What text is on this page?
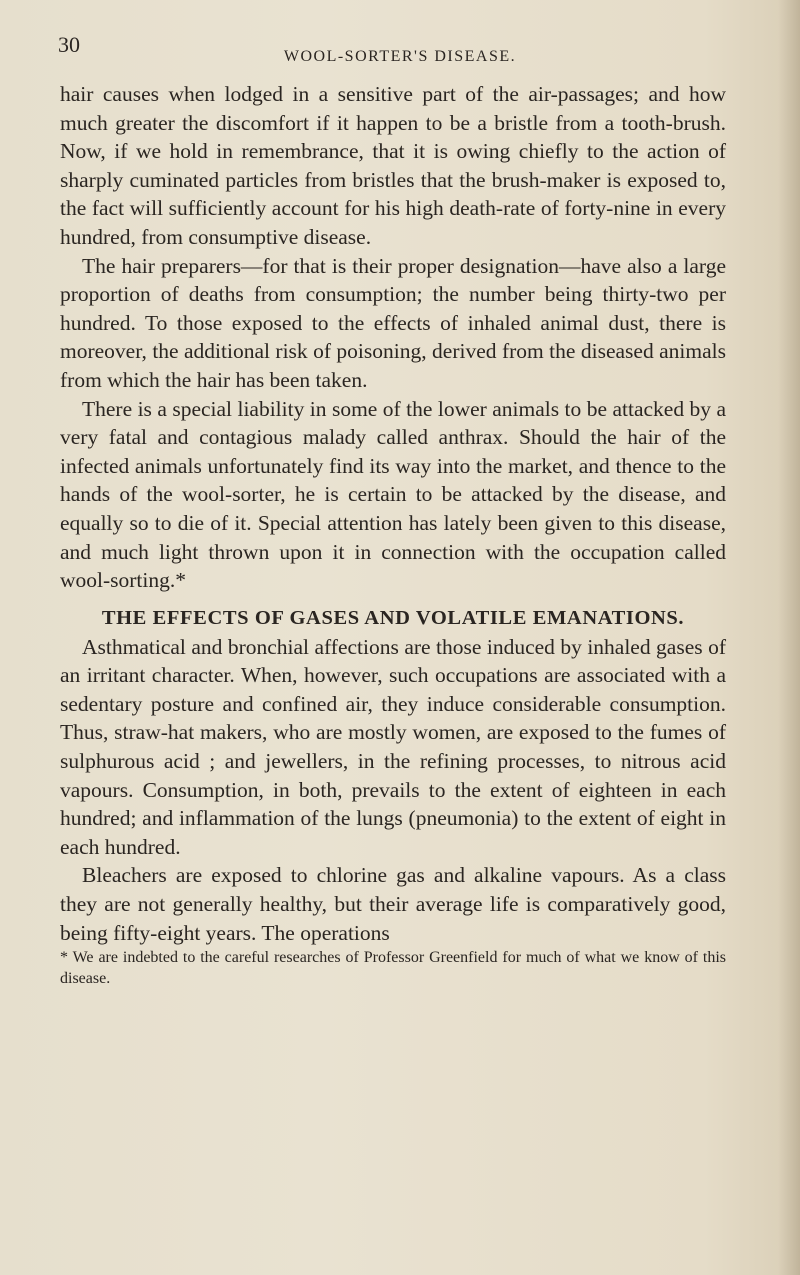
30	WOOL-SORTER'S DISEASE.

hair causes when lodged in a sensitive part of the air-passages; and how much greater the discomfort if it happen to be a bristle from a tooth-brush. Now, if we hold in remembrance, that it is owing chiefly to the action of sharply cuminated particles from bristles that the brush-maker is exposed to, the fact will sufficiently account for his high death-rate of forty-nine in every hundred, from consumptive disease.

The hair preparers—for that is their proper designation—have also a large proportion of deaths from consumption; the number being thirty-two per hundred. To those exposed to the effects of inhaled animal dust, there is moreover, the additional risk of poisoning, derived from the diseased animals from which the hair has been taken.

There is a special liability in some of the lower animals to be attacked by a very fatal and contagious malady called anthrax. Should the hair of the infected animals unfortunately find its way into the market, and thence to the hands of the wool-sorter, he is certain to be attacked by the disease, and equally so to die of it. Special attention has lately been given to this disease, and much light thrown upon it in connection with the occupation called wool-sorting.*

THE EFFECTS OF GASES AND VOLATILE EMANATIONS.

Asthmatical and bronchial affections are those induced by inhaled gases of an irritant character. When, however, such occupations are associated with a sedentary posture and confined air, they induce considerable consumption. Thus, straw-hat makers, who are mostly women, are exposed to the fumes of sulphurous acid ; and jewellers, in the refining processes, to nitrous acid vapours. Consumption, in both, prevails to the extent of eighteen in each hundred; and inflammation of the lungs (pneumonia) to the extent of eight in each hundred.

Bleachers are exposed to chlorine gas and alkaline vapours. As a class they are not generally healthy, but their average life is comparatively good, being fifty-eight years. The operations

* We are indebted to the careful researches of Professor Greenfield for much of what we know of this disease.
